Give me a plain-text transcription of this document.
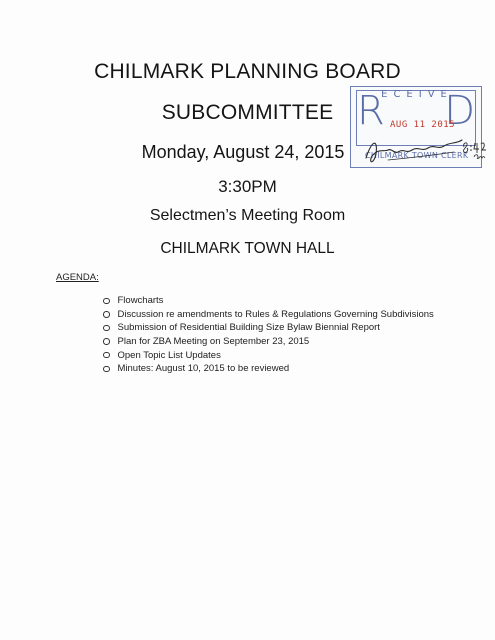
CHILMARK PLANNING BOARD
SUBCOMMITTEE
Monday, August 24, 2015
3:30PM
Selectmen’s Meeting Room
CHILMARK TOWN HALL
AGENDA:
Flowcharts
Discussion re amendments to Rules & Regulations Governing Subdivisions
Submission of Residential Building Size Bylaw Biennial Report
Plan for ZBA Meeting on September 23, 2015
Open Topic List Updates
Minutes: August 10, 2015 to be reviewed
R
ECEIVE
D
AUG 11 2015
CHILMARK TOWN CLERK
